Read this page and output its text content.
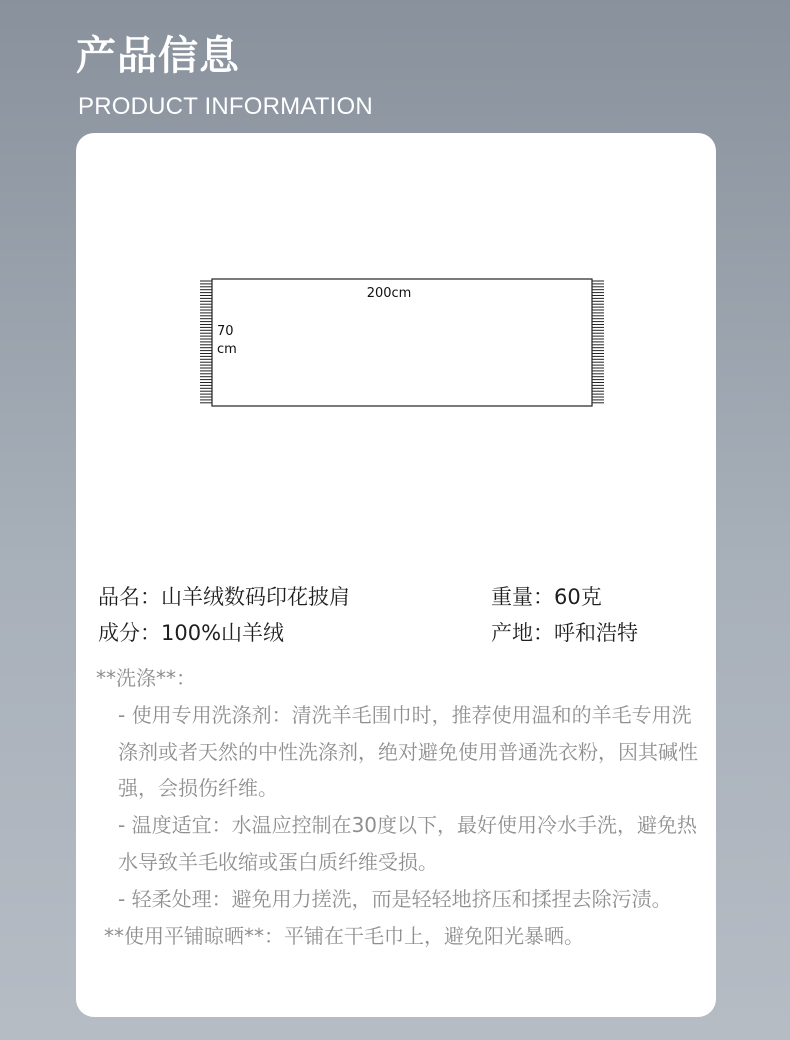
产品信息
PRODUCT INFORMATION
200cm
70
cm
品名：山羊绒数码印花披肩	重量：60克
成分：100%山羊绒	产地：呼和浩特

**洗涤**：

- 使用专用洗涤剂：清洗羊毛围巾时，推荐使用温和的羊毛专用洗涤剂或者天然的中性洗涤剂，绝对避免使用普通洗衣粉，因其碱性强，会损伤纤维。

- 温度适宜：水温应控制在30度以下，最好使用冷水手洗，避免热水导致羊毛收缩或蛋白质纤维受损。

- 轻柔处理：避免用力搓洗，而是轻轻地挤压和揉捏去除污渍。

**使用平铺晾晒**：平铺在干毛巾上，避免阳光暴晒。
